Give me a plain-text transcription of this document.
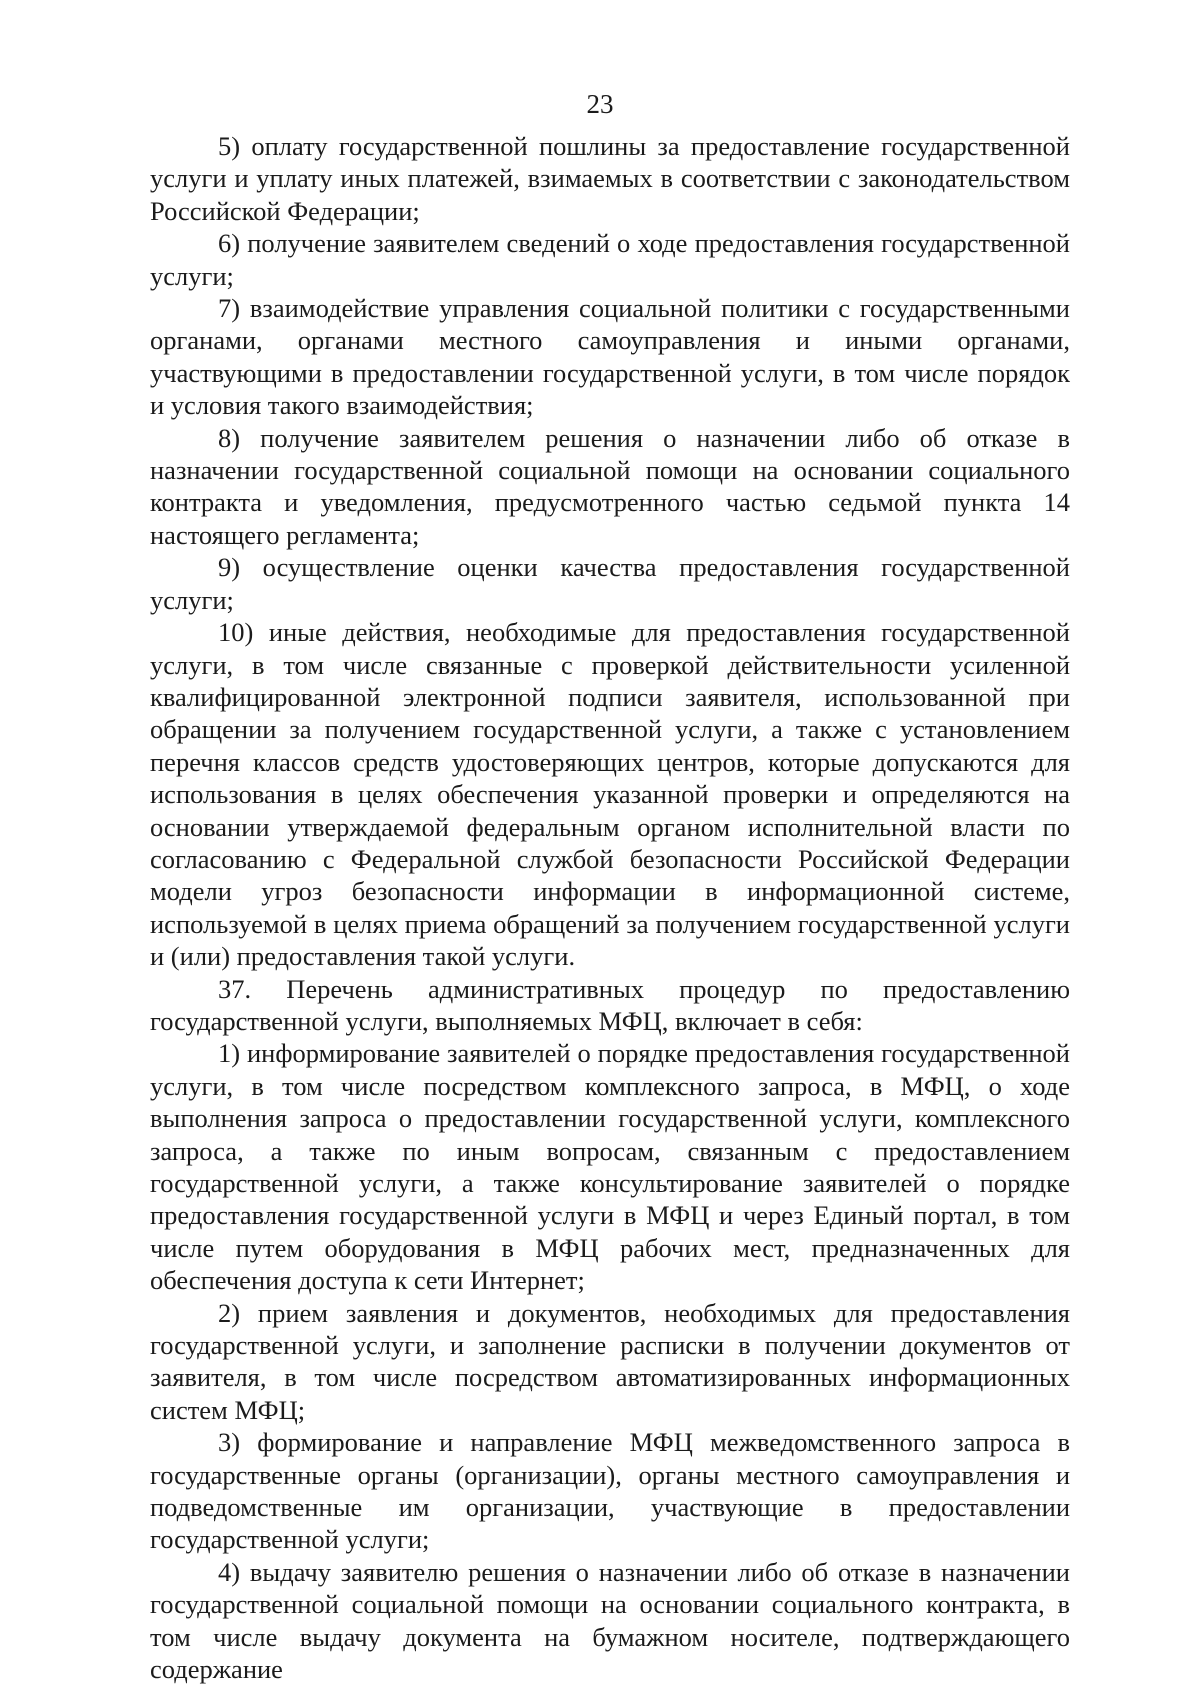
23

5) оплату государственной пошлины за предоставление государственной услуги и уплату иных платежей, взимаемых в соответствии с законодательством Российской Федерации;

6) получение заявителем сведений о ходе предоставления государственной услуги;

7) взаимодействие управления социальной политики с государственными органами, органами местного самоуправления и иными органами, участвующими в предоставлении государственной услуги, в том числе порядок и условия такого взаимодействия;

8) получение заявителем решения о назначении либо об отказе в назначении государственной социальной помощи на основании социального контракта и уведомления, предусмотренного частью седьмой пункта 14 настоящего регламента;

9) осуществление оценки качества предоставления государственной услуги;

10) иные действия, необходимые для предоставления государственной услуги, в том числе связанные с проверкой действительности усиленной квалифицированной электронной подписи заявителя, использованной при обращении за получением государственной услуги, а также с установлением перечня классов средств удостоверяющих центров, которые допускаются для использования в целях обеспечения указанной проверки и определяются на основании утверждаемой федеральным органом исполнительной власти по согласованию с Федеральной службой безопасности Российской Федерации модели угроз безопасности информации в информационной системе, используемой в целях приема обращений за получением государственной услуги и (или) предоставления такой услуги.

37. Перечень административных процедур по предоставлению государственной услуги, выполняемых МФЦ, включает в себя:

1) информирование заявителей о порядке предоставления государственной услуги, в том числе посредством комплексного запроса, в МФЦ, о ходе выполнения запроса о предоставлении государственной услуги, комплексного запроса, а также по иным вопросам, связанным с предоставлением государственной услуги, а также консультирование заявителей о порядке предоставления государственной услуги в МФЦ и через Единый портал, в том числе путем оборудования в МФЦ рабочих мест, предназначенных для обеспечения доступа к сети Интернет;

2) прием заявления и документов, необходимых для предоставления государственной услуги, и заполнение расписки в получении документов от заявителя, в том числе посредством автоматизированных информационных систем МФЦ;

3) формирование и направление МФЦ межведомственного запроса в государственные органы (организации), органы местного самоуправления и подведомственные им организации, участвующие в предоставлении государственной услуги;

4) выдачу заявителю решения о назначении либо об отказе в назначении государственной социальной помощи на основании социального контракта, в том числе выдачу документа на бумажном носителе, подтверждающего содержание
